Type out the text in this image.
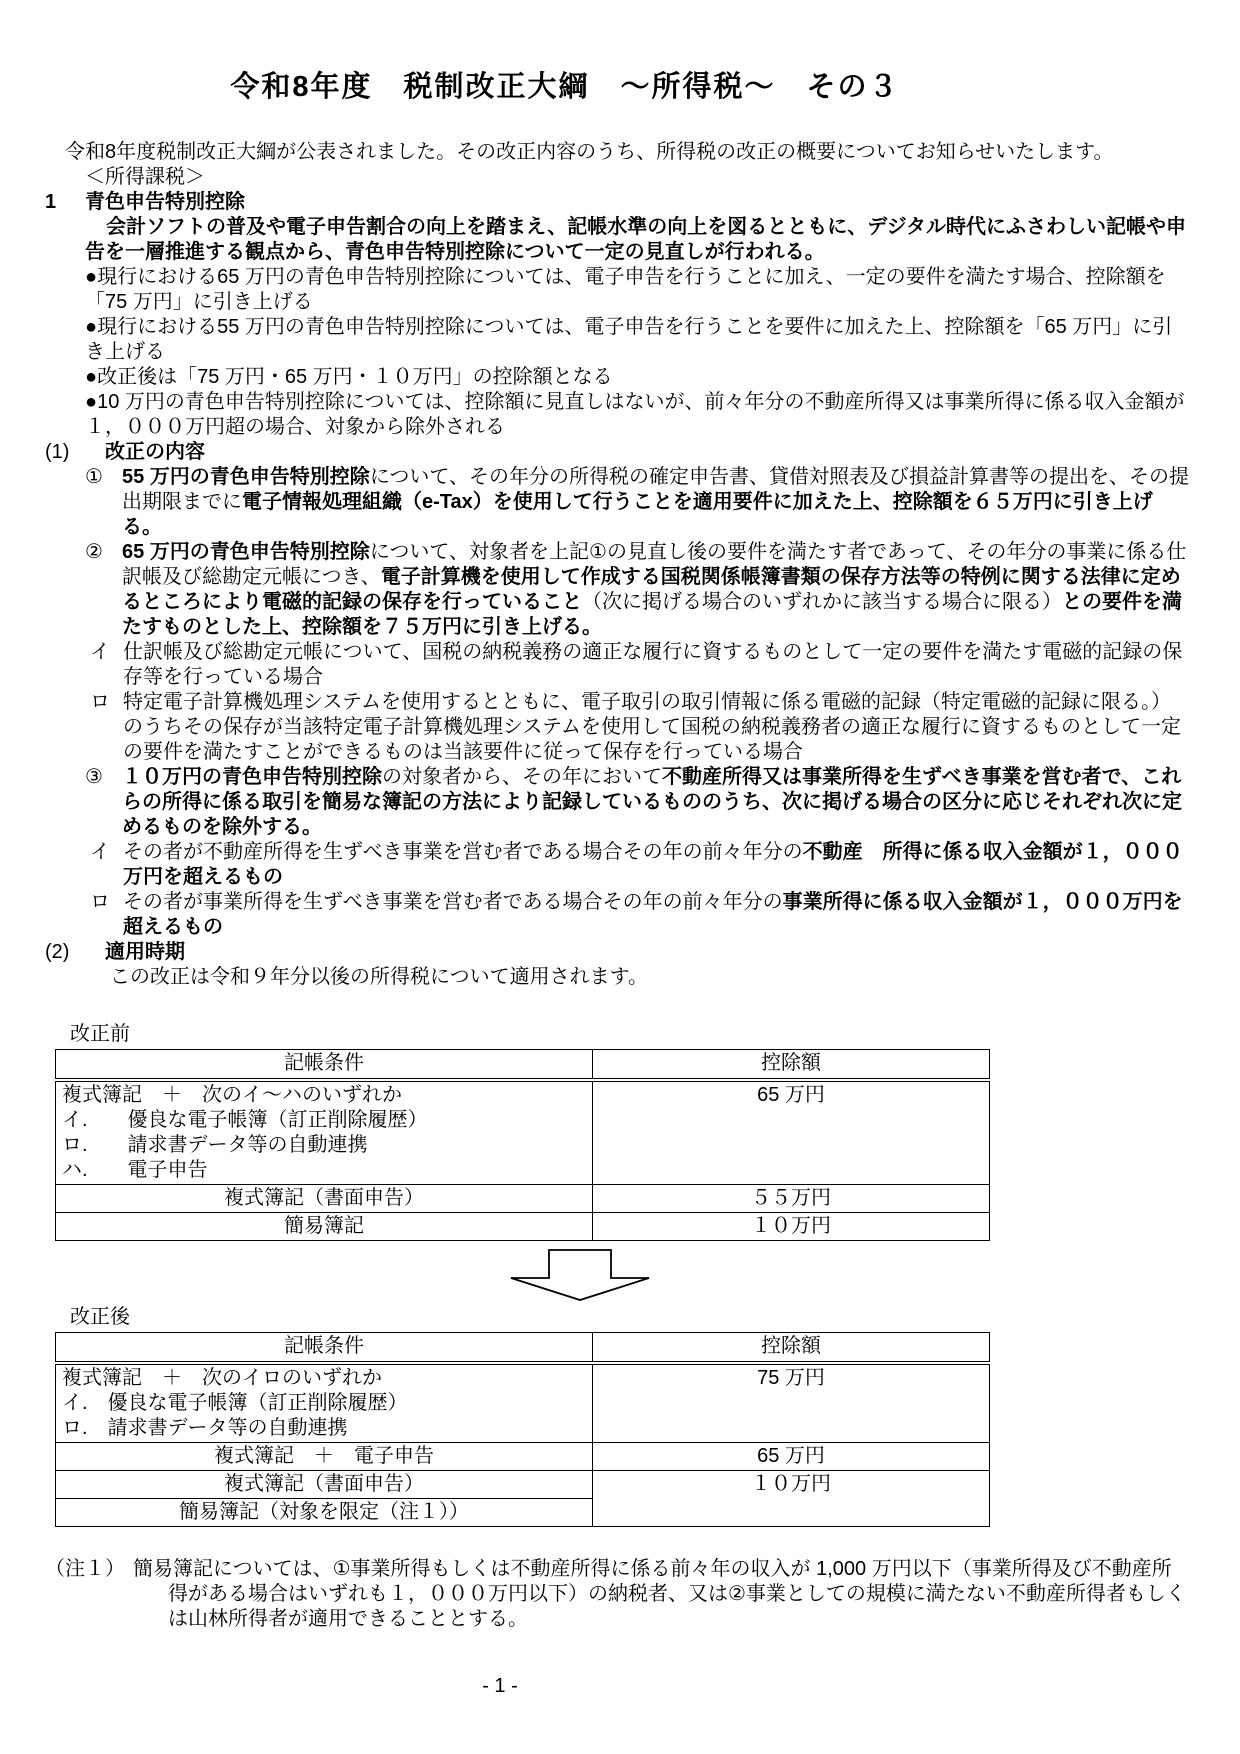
令和8年度　税制改正大綱　～所得税～　その３

令和8年度税制改正大綱が公表されました。その改正内容のうち、所得税の改正の概要についてお知らせいたします。

＜所得課税＞

1	青色申告特別控除

会計ソフトの普及や電子申告割合の向上を踏まえ、記帳水準の向上を図るとともに、デジタル時代にふさわしい記帳や申告を一層推進する観点から、青色申告特別控除について一定の見直しが行われる。

●現行における65 万円の青色申告特別控除については、電子申告を行うことに加え、一定の要件を満たす場合、控除額を「75 万円」に引き上げる

●現行における55 万円の青色申告特別控除については、電子申告を行うことを要件に加えた上、控除額を「65 万円」に引き上げる

●改正後は「75 万円・65 万円・１０万円」の控除額となる

●10 万円の青色申告特別控除については、控除額に見直しはないが、前々年分の不動産所得又は事業所得に係る収入金額が１，０００万円超の場合、対象から除外される

(1)	改正の内容
① 55 万円の青色申告特別控除について、その年分の所得税の確定申告書、貸借対照表及び損益計算書等の提出を、その提出期限までに電子情報処理組織（e-Tax）を使用して行うことを適用要件に加えた上、控除額を６５万円に引き上げる。

② 65 万円の青色申告特別控除について、対象者を上記①の見直し後の要件を満たす者であって、その年分の事業に係る仕訳帳及び総勘定元帳につき、電子計算機を使用して作成する国税関係帳簿書類の保存方法等の特例に関する法律に定めるところにより電磁的記録の保存を行っていること（次に掲げる場合のいずれかに該当する場合に限る）との要件を満たすものとした上、控除額を７５万円に引き上げる。

イ 仕訳帳及び総勘定元帳について、国税の納税義務の適正な履行に資するものとして一定の要件を満たす電磁的記録の保存等を行っている場合

ロ 特定電子計算機処理システムを使用するとともに、電子取引の取引情報に係る電磁的記録（特定電磁的記録に限る。）のうちその保存が当該特定電子計算機処理システムを使用して国税の納税義務者の適正な履行に資するものとして一定の要件を満たすことができるものは当該要件に従って保存を行っている場合

③ １０万円の青色申告特別控除の対象者から、その年において不動産所得又は事業所得を生ずべき事業を営む者で、これらの所得に係る取引を簡易な簿記の方法により記録しているもののうち、次に掲げる場合の区分に応じそれぞれ次に定めるものを除外する。

イ その者が不動産所得を生ずべき事業を営む者である場合その年の前々年分の不動産　所得に係る収入金額が１，０００万円を超えるもの

ロ その者が事業所得を生ずべき事業を営む者である場合その年の前々年分の事業所得に係る収入金額が１，０００万円を超えるもの

(2)	適用時期

この改正は令和９年分以後の所得税について適用されます。

改正前

記帳条件	控除額

複式簿記　＋　次のイ～ハのいずれか
イ.　　優良な電子帳簿（訂正削除履歴）
ロ.　　請求書データ等の自動連携
ハ.　　電子申告	65 万円
複式簿記（書面申告）	５５万円
簡易簿記	１０万円

改正後

記帳条件	控除額

複式簿記　＋　次のイロのいずれか
イ.　優良な電子帳簿（訂正削除履歴）
ロ.　請求書データ等の自動連携	75 万円
複式簿記　＋　電子申告	65 万円
複式簿記（書面申告）	１０万円
簡易簿記（対象を限定（注１））	
（注１） 簡易簿記については、①事業所得もしくは不動産所得に係る前々年の収入が 1,000 万円以下（事業所得及び不動産所得がある場合はいずれも１，０００万円以下）の納税者、又は②事業としての規模に満たない不動産所得者もしくは山林所得者が適用できることとする。

- 1 -
